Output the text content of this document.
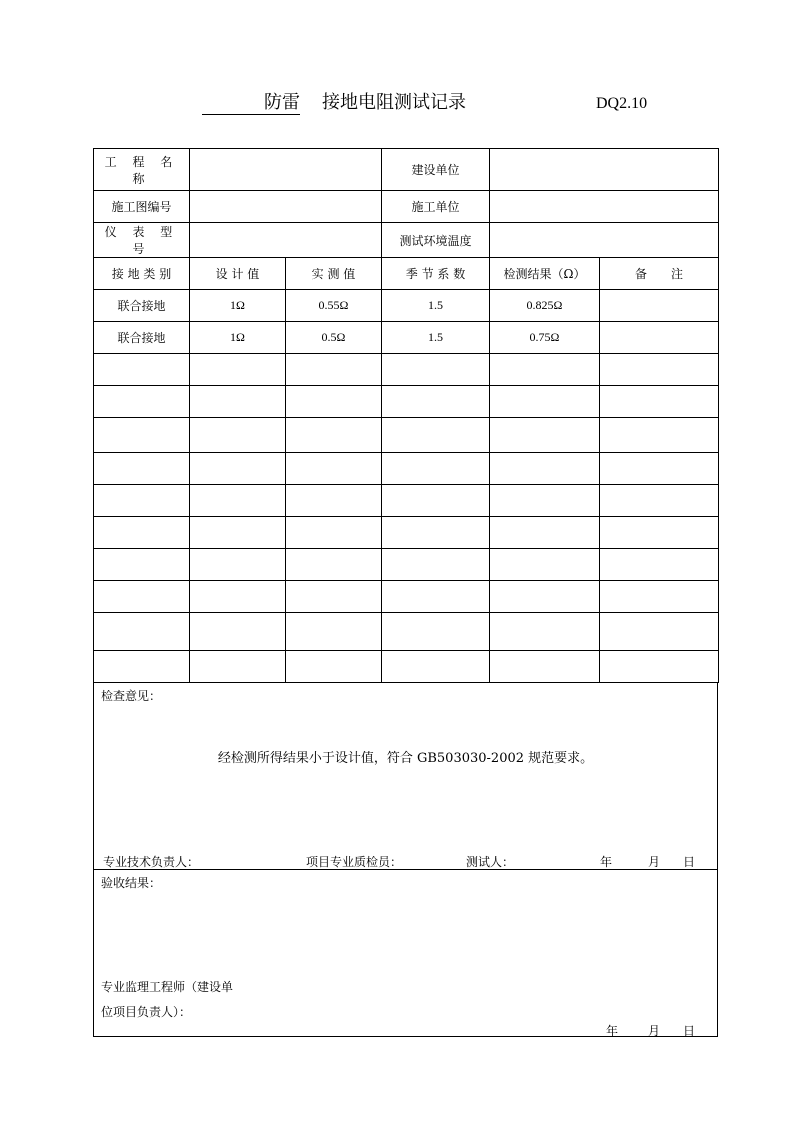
防雷 接地电阻测试记录	DQ2.10
工 程 名 称			建设单位		
施工图编号			施工单位		
仪 表 型 号			测试环境温度		
接 地 类 别	设 计 值	实 测 值	季 节 系 数	检测结果（Ω）	备　　注
联合接地	1Ω	0.55Ω	1.5	0.825Ω	
联合接地	1Ω	0.5Ω	1.5	0.75Ω	

检查意见：
经检测所得结果小于设计值，符合 GB503030-2002 规范要求。
专业技术负责人：	项目专业质检员：	测试人：	年	月 日
验收结果：
专业监理工程师（建设单
位项目负责人）：
年 月 日
